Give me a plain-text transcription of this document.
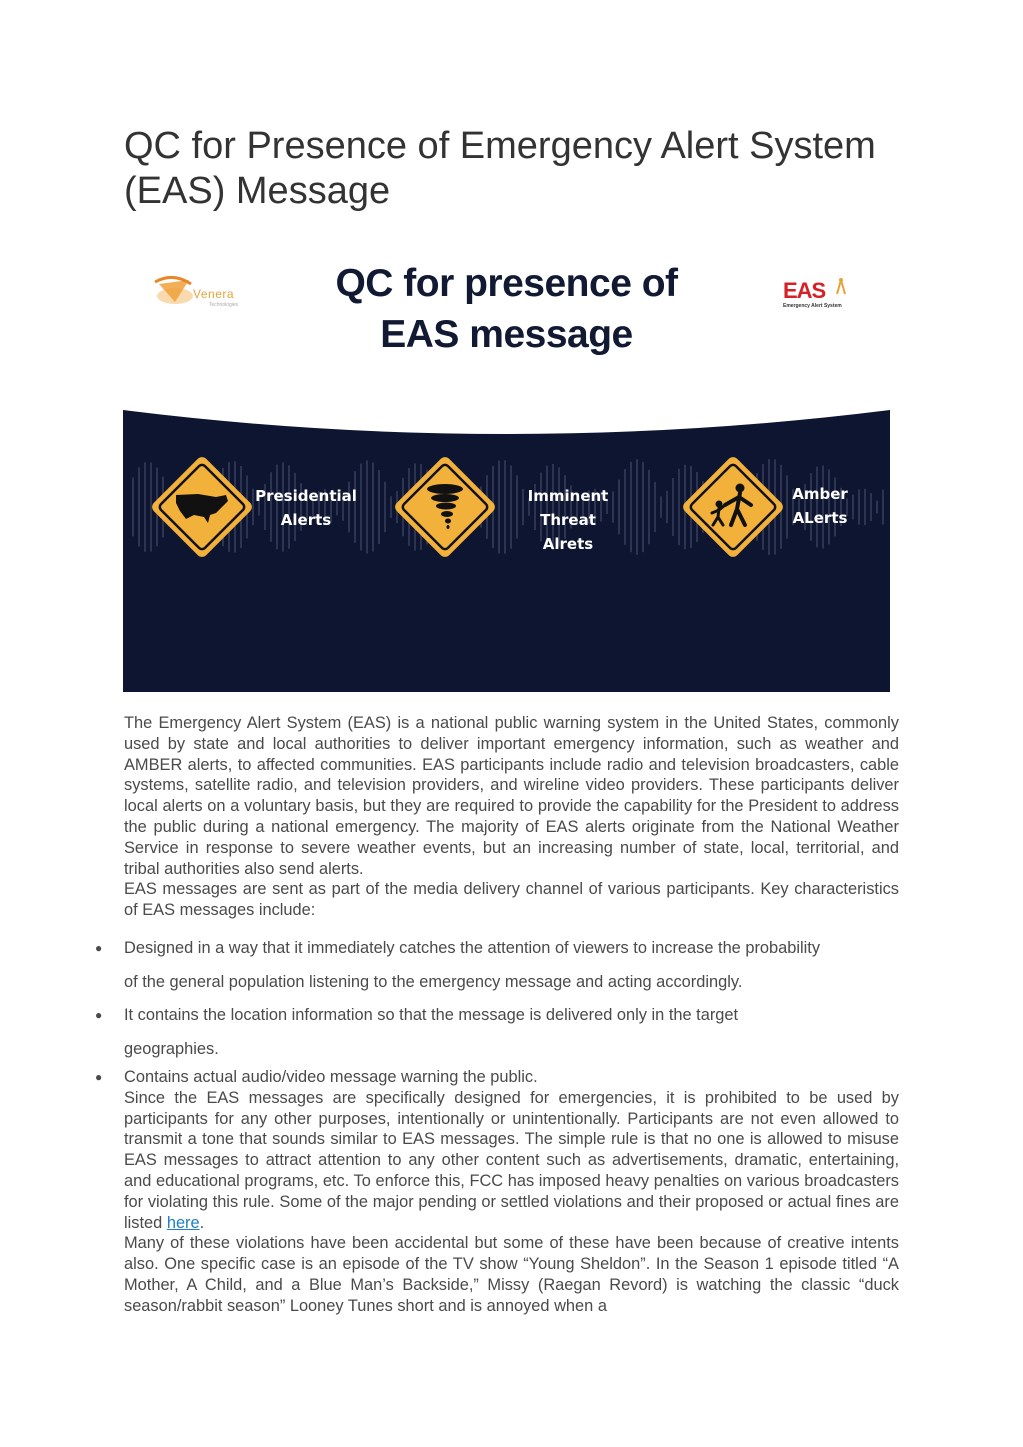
QC for Presence of Emergency Alert System (EAS) Message
Venera
Technologies	QC for presence of
EAS message
EAS
Emergency Alert System
Presidential
Alerts
Imminent Threat
Alrets
Amber
ALerts

The Emergency Alert System (EAS) is a national public warning system in the United States, commonly used by state and local authorities to deliver important emergency information, such as weather and AMBER alerts, to affected communities. EAS participants include radio and television broadcasters, cable systems, satellite radio, and television providers, and wireline video providers. These participants deliver local alerts on a voluntary basis, but they are required to provide the capability for the President to address the public during a national emergency. The majority of EAS alerts originate from the National Weather Service in response to severe weather events, but an increasing number of state, local, territorial, and tribal authorities also send alerts.

EAS messages are sent as part of the media delivery channel of various participants. Key characteristics of EAS messages include:

● Designed in a way that it immediately catches the attention of viewers to increase the probability
of the general population listening to the emergency message and acting accordingly.
● It contains the location information so that the message is delivered only in the target
geographies.
● Contains actual audio/video message warning the public.
Since the EAS messages are specifically designed for emergencies, it is prohibited to be used by participants for any other purposes, intentionally or unintentionally. Participants are not even allowed to transmit a tone that sounds similar to EAS messages. The simple rule is that no one is allowed to misuse EAS messages to attract attention to any other content such as advertisements, dramatic, entertaining, and educational programs, etc. To enforce this, FCC has imposed heavy penalties on various broadcasters for violating this rule. Some of the major pending or settled violations and their proposed or actual fines are listed here.
Many of these violations have been accidental but some of these have been because of creative intents also. One specific case is an episode of the TV show “Young Sheldon”. In the Season 1 episode titled “A Mother, A Child, and a Blue Man’s Backside,” Missy (Raegan Revord) is watching the classic “duck season/rabbit season” Looney Tunes short and is annoyed when a
